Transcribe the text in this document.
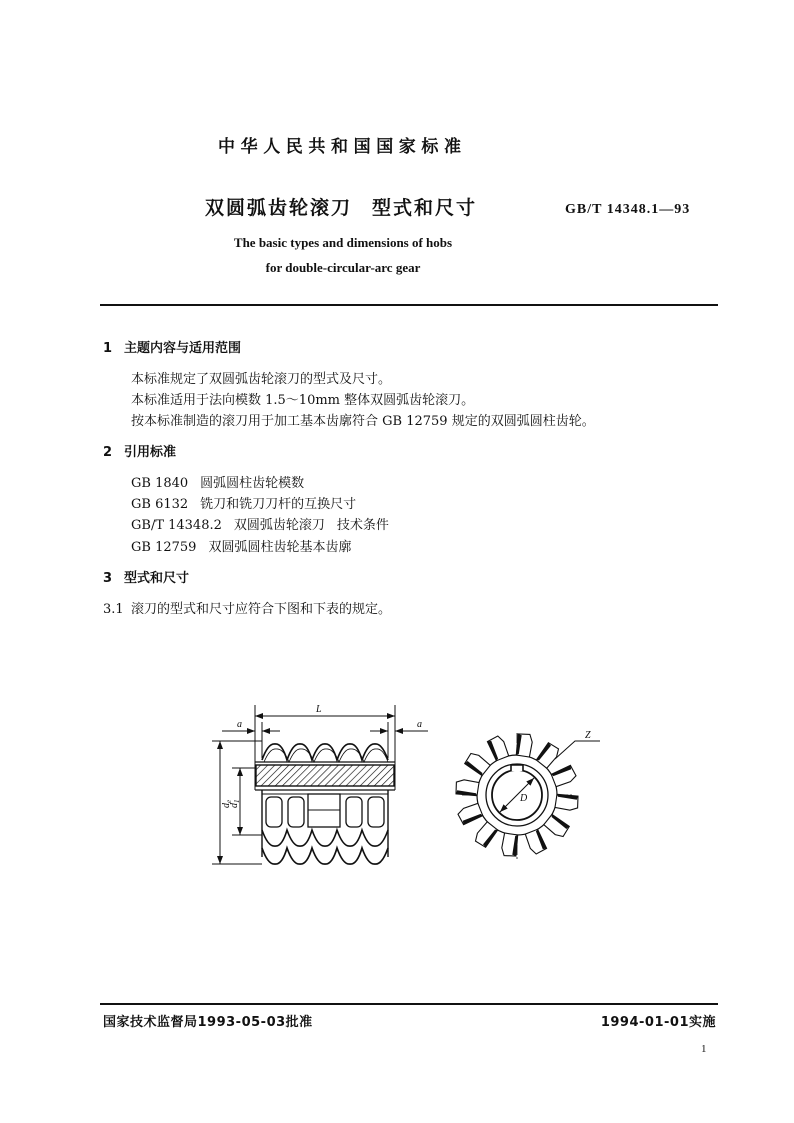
中华人民共和国国家标准
双圆弧齿轮滚刀 型式和尺寸	GB/T 14348.1—93
The basic types and dimensions of hobs
for double-circular-arc gear
1 主题内容与适用范围
本标准规定了双圆弧齿轮滚刀的型式及尺寸。
本标准适用于法向模数 1.5～10mm 整体双圆弧齿轮滚刀。
按本标准制造的滚刀用于加工基本齿廓符合 GB 12759 规定的双圆弧圆柱齿轮。
2 引用标准
GB 1840 圆弧圆柱齿轮模数
GB 6132 铣刀和铣刀刀杆的互换尺寸
GB/T 14348.2 双圆弧齿轮滚刀 技术条件
GB 12759 双圆弧圆柱齿轮基本齿廓
3 型式和尺寸
3.1 滚刀的型式和尺寸应符合下图和下表的规定。
a
L
a
$d_e$
$d_1$	D
Z
国家技术监督局1993-05-03批准	1994-01-01实施
1
